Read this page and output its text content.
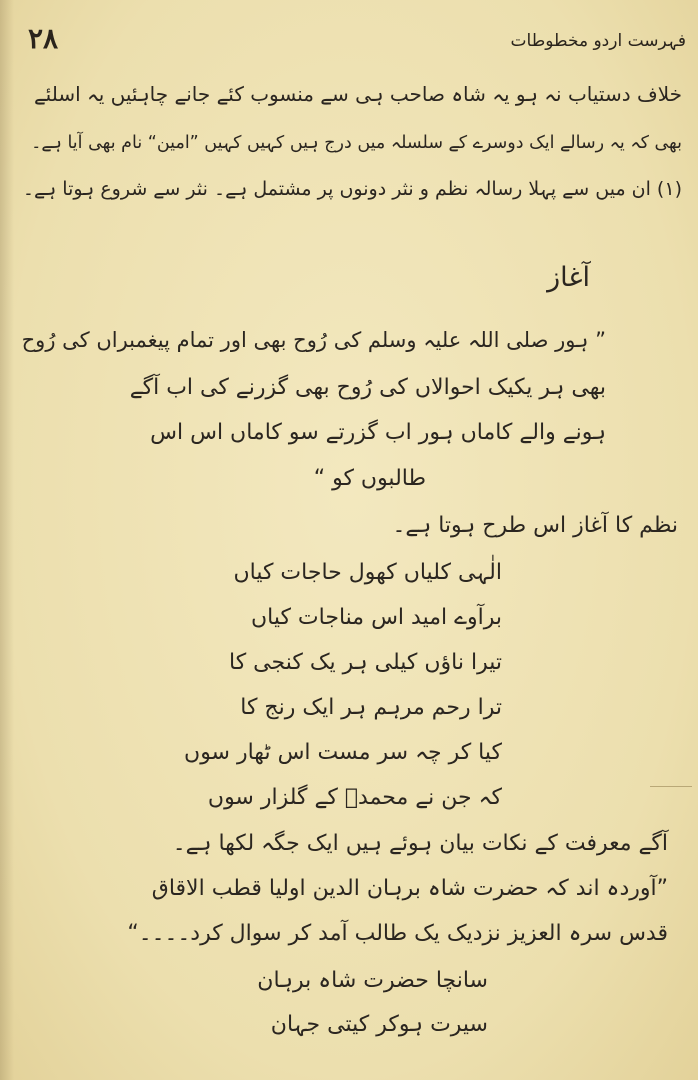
۲۸	فہرست اردو مخطوطات
خلاف دستیاب نہ ہو یہ شاہ صاحب ہی سے منسوب کئے جانے چاہئیں یہ اسلئے
بھی کہ یہ رسالے ایک دوسرے کے سلسلہ میں درج ہیں کہیں کہیں ”امین“ نام بھی آیا ہے۔
(۱) ان میں سے پہلا رسالہ نظم و نثر دونوں پر مشتمل ہے۔ نثر سے شروع ہوتا ہے۔
آغاز
” ہور صلی اللہ علیہ وسلم کی رُوح بھی اور تمام پیغمبراں کی رُوح
بھی ہر یکیک احوالاں کی رُوح بھی گزرنے کی اب آگے
ہونے والے کاماں ہور اب گزرتے سو کاماں اس اس
طالبوں کو “
نظم کا آغاز اس طرح ہوتا ہے۔
الٰہی کلیاں کھول حاجات کیاں
برآوے امید اس مناجات کیاں
تیرا ناؤں کیلی ہر یک کنجی کا
ترا رحم مرہم ہر ایک رنج کا
کیا کر چہ سر مست اس ٹھار سوں
کہ جن نے محمدؐ کے گلزار سوں
آگے معرفت کے نکات بیان ہوئے ہیں ایک جگہ لکھا ہے۔
”آوردہ اند کہ حضرت شاہ برہان الدین اولیا قطب الاقاق
قدس سرہ العزیز نزدیک یک طالب آمد کر سوال کرد۔۔۔۔“
سانچا حضرت شاہ برہان
سیرت ہوکر کیتی جہان
